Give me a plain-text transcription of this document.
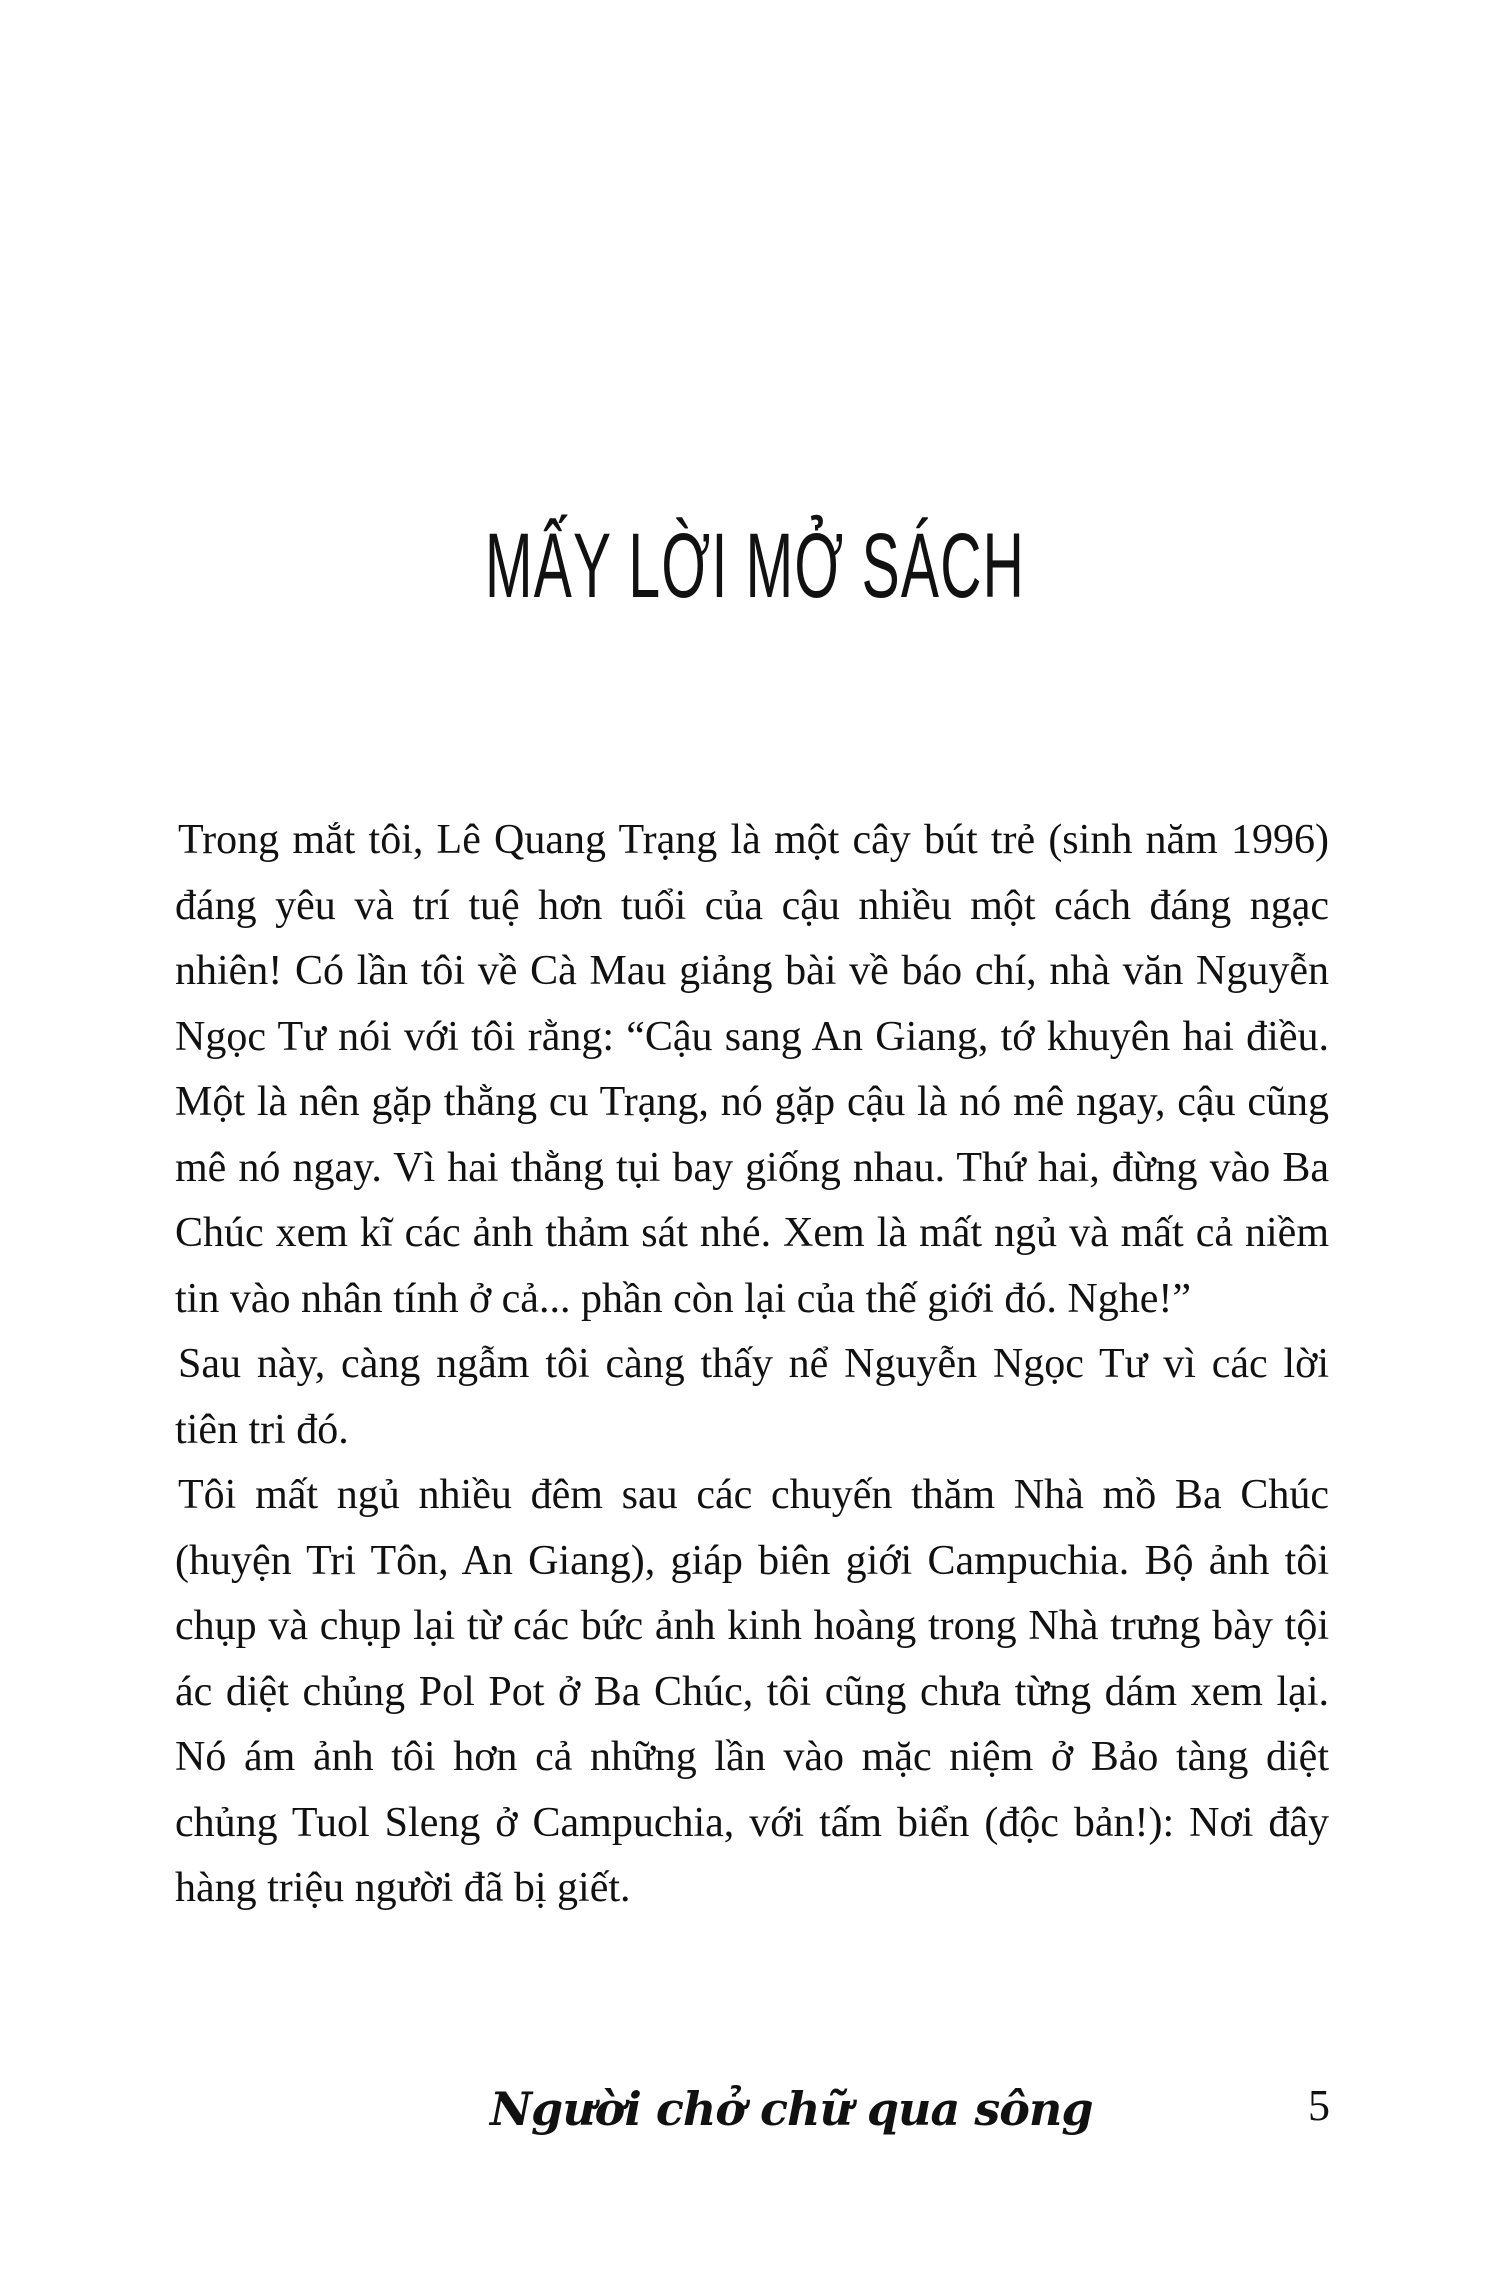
MẤY LỜI MỞ SÁCH

Trong mắt tôi, Lê Quang Trạng là một cây bút trẻ (sinh năm 1996) đáng yêu và trí tuệ hơn tuổi của cậu nhiều một cách đáng ngạc nhiên! Có lần tôi về Cà Mau giảng bài về báo chí, nhà văn Nguyễn Ngọc Tư nói với tôi rằng: “Cậu sang An Giang, tớ khuyên hai điều. Một là nên gặp thằng cu Trạng, nó gặp cậu là nó mê ngay, cậu cũng mê nó ngay. Vì hai thằng tụi bay giống nhau. Thứ hai, đừng vào Ba Chúc xem kĩ các ảnh thảm sát nhé. Xem là mất ngủ và mất cả niềm tin vào nhân tính ở cả... phần còn lại của thế giới đó. Nghe!”

Sau này, càng ngẫm tôi càng thấy nể Nguyễn Ngọc Tư vì các lời tiên tri đó.

Tôi mất ngủ nhiều đêm sau các chuyến thăm Nhà mồ Ba Chúc (huyện Tri Tôn, An Giang), giáp biên giới Campuchia. Bộ ảnh tôi chụp và chụp lại từ các bức ảnh kinh hoàng trong Nhà trưng bày tội ác diệt chủng Pol Pot ở Ba Chúc, tôi cũng chưa từng dám xem lại. Nó ám ảnh tôi hơn cả những lần vào mặc niệm ở Bảo tàng diệt chủng Tuol Sleng ở Campuchia, với tấm biển (độc bản!): Nơi đây hàng triệu người đã bị giết.

Người chở chữ qua sông	5
